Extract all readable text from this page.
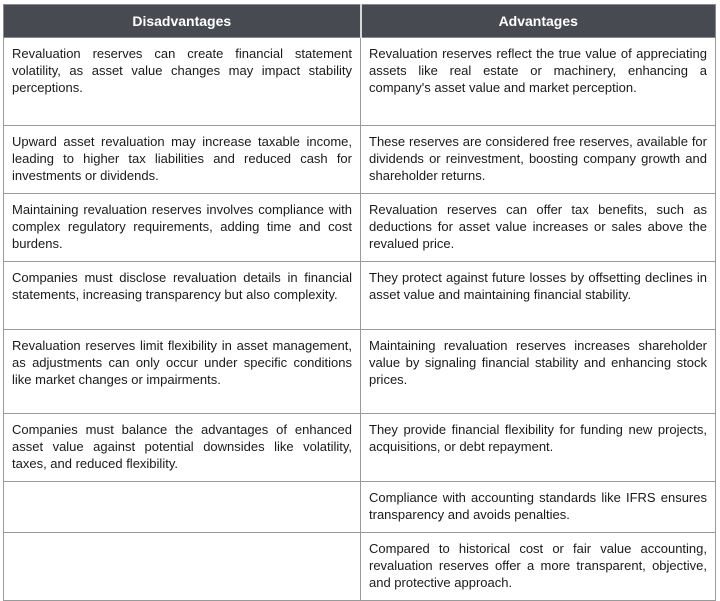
Disadvantages	Advantages

Revaluation reserves can create financial statement volatility, as asset value changes may impact stability perceptions.	Revaluation reserves reflect the true value of appreciating assets like real estate or machinery, enhancing a company's asset value and market perception.

Upward asset revaluation may increase taxable income, leading to higher tax liabilities and reduced cash for investments or dividends.	These reserves are considered free reserves, available for dividends or reinvestment, boosting company growth and shareholder returns.

Maintaining revaluation reserves involves compliance with complex regulatory requirements, adding time and cost burdens.	Revaluation reserves can offer tax benefits, such as deductions for asset value increases or sales above the revalued price.

Companies must disclose revaluation details in financial statements, increasing transparency but also complexity.	They protect against future losses by offsetting declines in asset value and maintaining financial stability.

Revaluation reserves limit flexibility in asset management, as adjustments can only occur under specific conditions like market changes or impairments.	Maintaining revaluation reserves increases shareholder value by signaling financial stability and enhancing stock prices.

Companies must balance the advantages of enhanced asset value against potential downsides like volatility, taxes, and reduced flexibility.	They provide financial flexibility for funding new projects, acquisitions, or debt repayment.

	Compliance with accounting standards like IFRS ensures transparency and avoids penalties.

	Compared to historical cost or fair value accounting, revaluation reserves offer a more transparent, objective, and protective approach.
